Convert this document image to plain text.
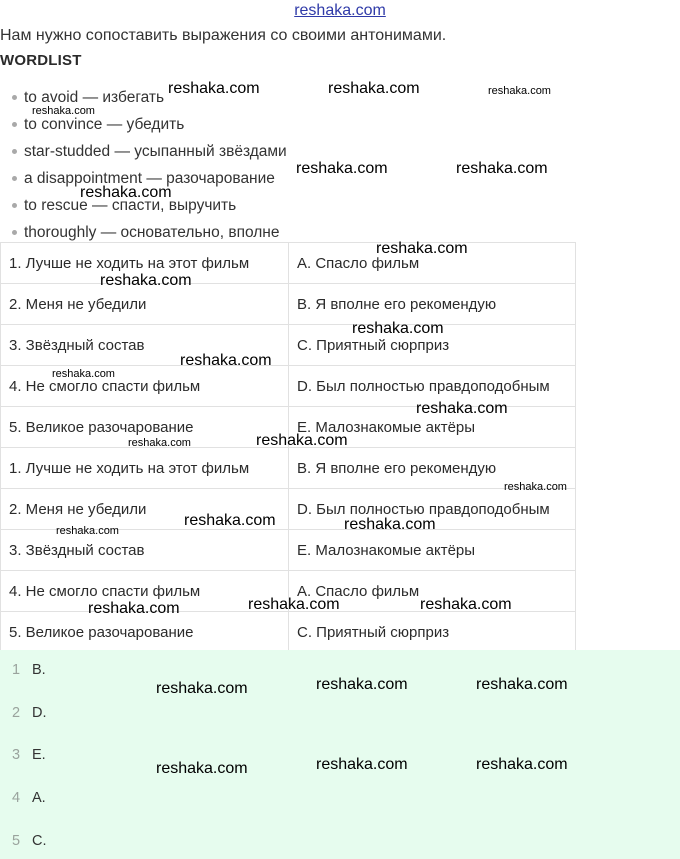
reshaka.com
Нам нужно сопоставить выражения со своими антонимами.
WORDLIST
to avoid — избегать
to convince — убедить
star-studded — усыпанный звёздами
a disappointment — разочарование
to rescue — спасти, выручить
thoroughly — основательно, вполне
1. Лучше не ходить на этот фильм	A. Спасло фильм
2. Меня не убедили	B. Я вполне его рекомендую
3. Звёздный состав	C. Приятный сюрприз
4. Не смогло спасти фильм	D. Был полностью правдоподобным
5. Великое разочарование	E. Малознакомые актёры
1. Лучше не ходить на этот фильм	B. Я вполне его рекомендую
2. Меня не убедили	D. Был полностью правдоподобным
3. Звёздный состав	E. Малознакомые актёры
4. Не смогло спасти фильм	A. Спасло фильм
5. Великое разочарование	C. Приятный сюрприз
1 B.
2 D.
3 E.
4 A.
5 C.
reshaka.com	reshaka.com	reshaka.com
reshaka.com
reshaka.com	reshaka.com
reshaka.com
reshaka.com
reshaka.com
reshaka.com
reshaka.com
reshaka.com
reshaka.com
reshaka.com
reshaka.com
reshaka.com
reshaka.com	reshaka.com
reshaka.com
reshaka.com	reshaka.com
reshaka.com
reshaka.com	reshaka.com
reshaka.com
reshaka.com	reshaka.com
reshaka.com
